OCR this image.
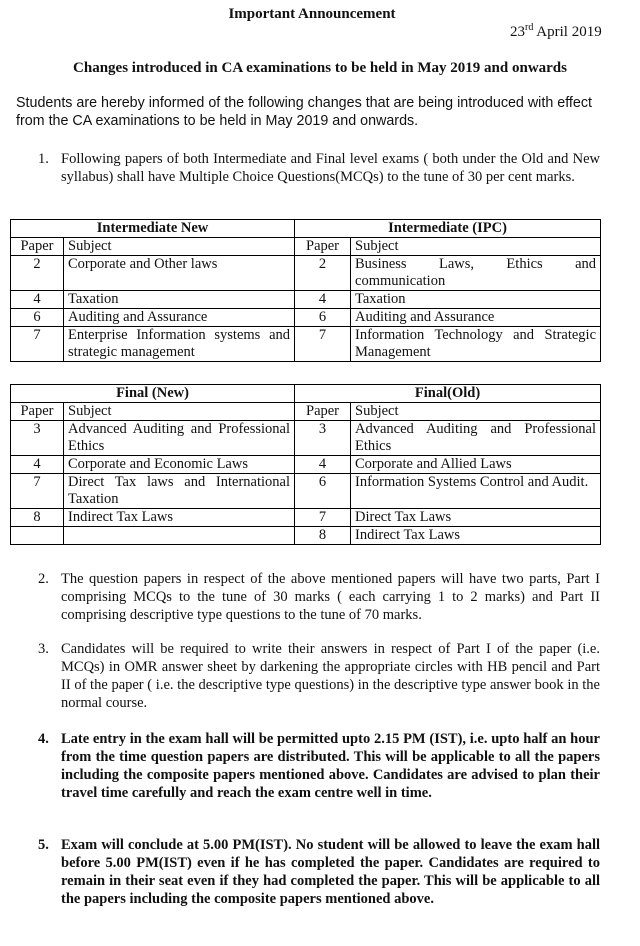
Important Announcement
23rd April 2019
Changes introduced in CA examinations to be held in May 2019 and onwards
Students are hereby informed of the following changes that are being introduced with effect from the CA examinations to be held in May 2019 and onwards.
1. Following papers of both Intermediate and Final level exams ( both under the Old and New syllabus) shall have Multiple Choice Questions(MCQs) to the tune of 30 per cent marks.
Intermediate New		Intermediate (IPC)	
Paper	Subject	Paper	Subject
2	Corporate and Other laws	2	Business Laws, Ethics and communication
4	Taxation	4	Taxation
6	Auditing and Assurance	6	Auditing and Assurance
7	Enterprise Information systems and strategic management	7	Information Technology and Strategic Management
Final (New)		Final(Old)	
Paper	Subject	Paper	Subject
3	Advanced Auditing and Professional Ethics	3	Advanced Auditing and Professional Ethics
4	Corporate and Economic Laws	4	Corporate and Allied Laws
7	Direct Tax laws and International Taxation	6	Information Systems Control and Audit.
8	Indirect Tax Laws	7	Direct Tax Laws
		8	Indirect Tax Laws
2. The question papers in respect of the above mentioned papers will have two parts, Part I comprising MCQs to the tune of 30 marks ( each carrying 1 to 2 marks) and Part II comprising descriptive type questions to the tune of 70 marks.
3. Candidates will be required to write their answers in respect of Part I of the paper (i.e. MCQs) in OMR answer sheet by darkening the appropriate circles with HB pencil and Part II of the paper ( i.e. the descriptive type questions) in the descriptive type answer book in the normal course.
4. Late entry in the exam hall will be permitted upto 2.15 PM (IST), i.e. upto half an hour from the time question papers are distributed. This will be applicable to all the papers including the composite papers mentioned above. Candidates are advised to plan their travel time carefully and reach the exam centre well in time.
5. Exam will conclude at 5.00 PM(IST). No student will be allowed to leave the exam hall before 5.00 PM(IST) even if he has completed the paper. Candidates are required to remain in their seat even if they had completed the paper. This will be applicable to all the papers including the composite papers mentioned above.
